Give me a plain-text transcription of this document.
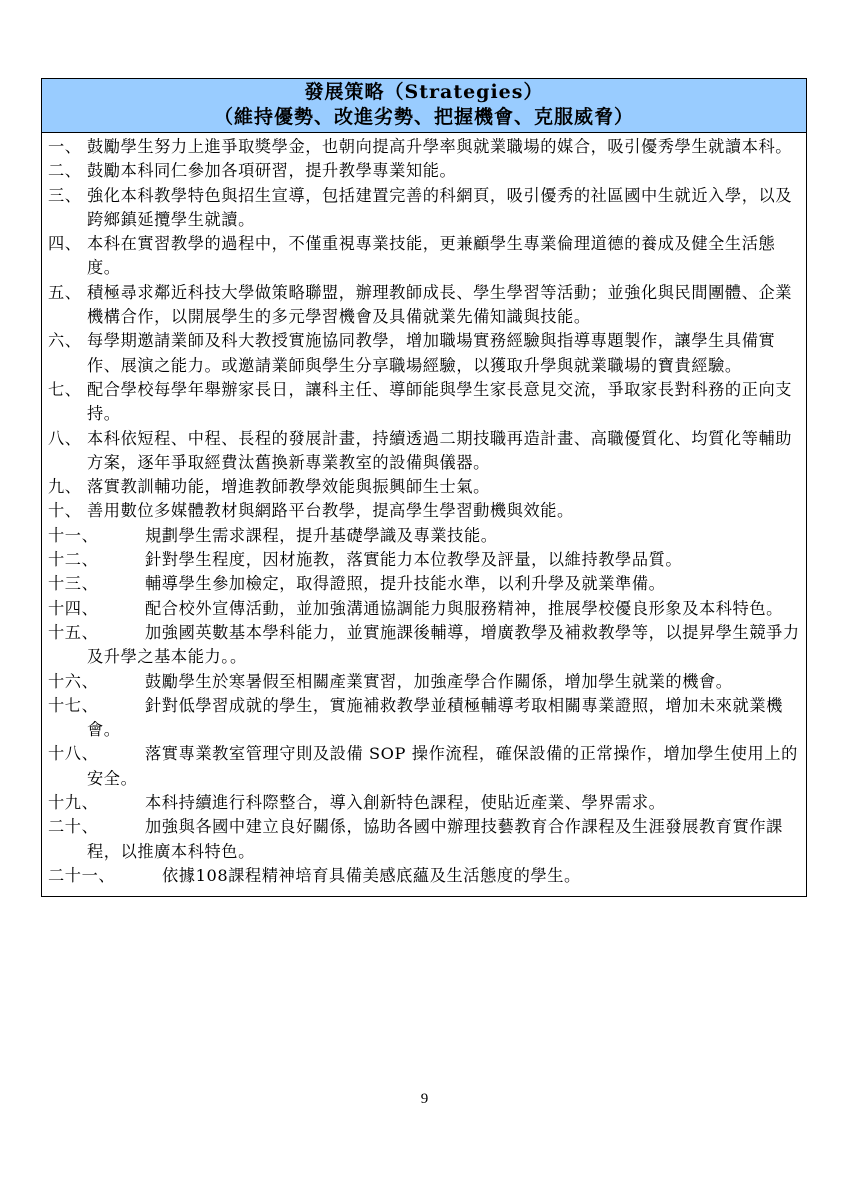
發展策略（Strategies）
（維持優勢、改進劣勢、把握機會、克服威脅）
一、 鼓勵學生努力上進爭取獎學金，也朝向提高升學率與就業職場的媒合，吸引優秀學生就讀本科。
二、 鼓勵本科同仁參加各項研習，提升教學專業知能。
三、 強化本科教學特色與招生宣導，包括建置完善的科網頁，吸引優秀的社區國中生就近入學，以及跨鄉鎮延攬學生就讀。
四、 本科在實習教學的過程中，不僅重視專業技能，更兼顧學生專業倫理道德的養成及健全生活態度。
五、 積極尋求鄰近科技大學做策略聯盟，辦理教師成長、學生學習等活動；並強化與民間團體、企業機構合作，以開展學生的多元學習機會及具備就業先備知識與技能。
六、 每學期邀請業師及科大教授實施協同教學，增加職場實務經驗與指導專題製作，讓學生具備實作、展演之能力。或邀請業師與學生分享職場經驗，以獲取升學與就業職場的寶貴經驗。
七、 配合學校每學年舉辦家長日，讓科主任、導師能與學生家長意見交流，爭取家長對科務的正向支持。
八、 本科依短程、中程、長程的發展計畫，持續透過二期技職再造計畫、高職優質化、均質化等輔助方案，逐年爭取經費汰舊換新專業教室的設備與儀器。
九、 落實教訓輔功能，增進教師教學效能與振興師生士氣。
十、 善用數位多媒體教材與網路平台教學，提高學生學習動機與效能。
十一、	規劃學生需求課程，提升基礎學識及專業技能。
十二、	針對學生程度，因材施教，落實能力本位教學及評量，以維持教學品質。
十三、	輔導學生參加檢定，取得證照，提升技能水準，以利升學及就業準備。
十四、	配合校外宣傳活動，並加強溝通協調能力與服務精神，推展學校優良形象及本科特色。
十五、	加強國英數基本學科能力，並實施課後輔導，增廣教學及補救教學等，以提昇學生競爭力及升學之基本能力。。
十六、	鼓勵學生於寒暑假至相關產業實習，加強產學合作關係，增加學生就業的機會。
十七、	針對低學習成就的學生，實施補救教學並積極輔導考取相關專業證照，增加未來就業機會。
十八、	落實專業教室管理守則及設備 SOP 操作流程，確保設備的正常操作，增加學生使用上的安全。
十九、	本科持續進行科際整合，導入創新特色課程，使貼近產業、學界需求。
二十、	加強與各國中建立良好關係，協助各國中辦理技藝教育合作課程及生涯發展教育實作課程，以推廣本科特色。
二十一、	依據108課程精神培育具備美感底蘊及生活態度的學生。
9
